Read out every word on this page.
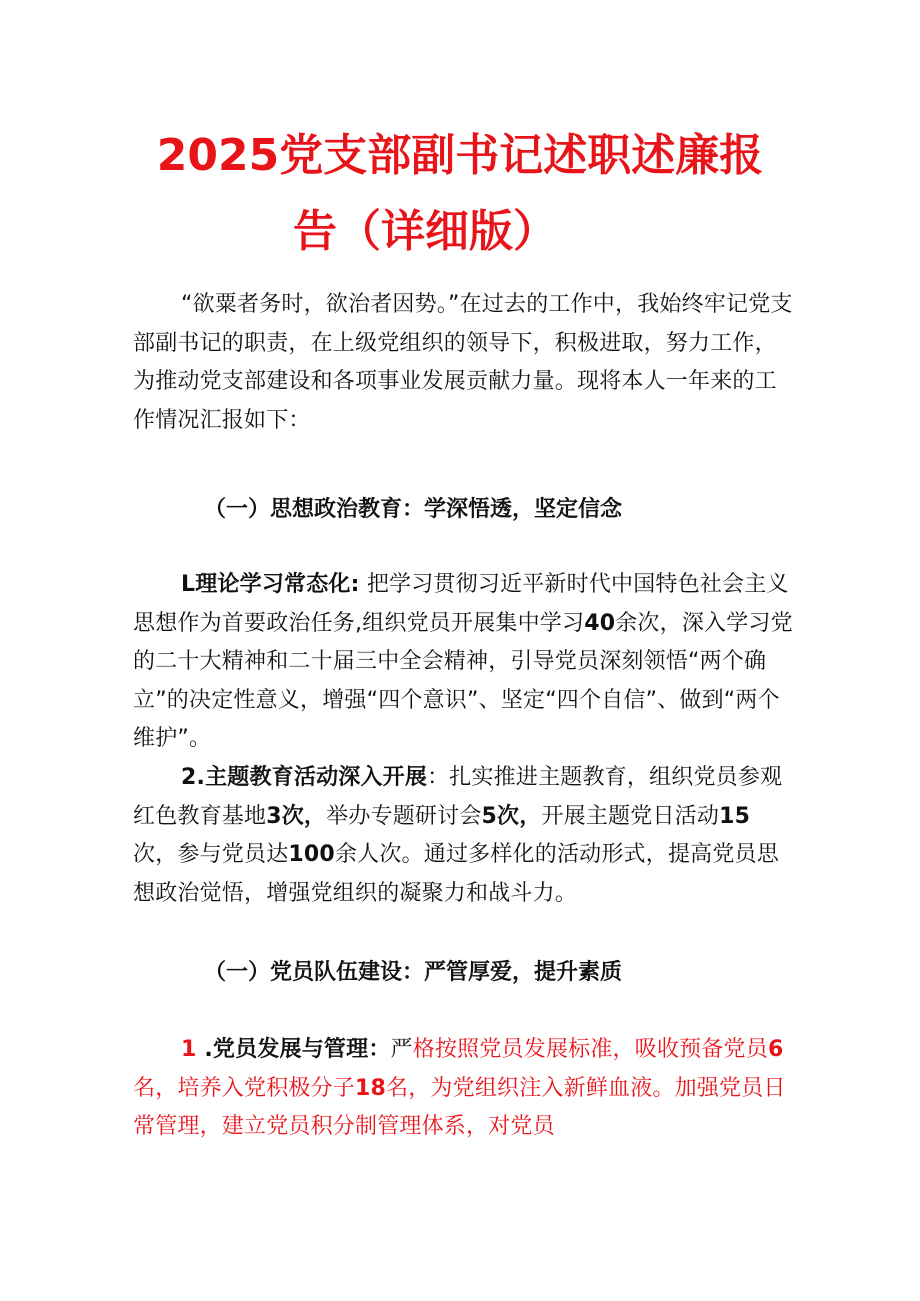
2025党支部副书记述职述廉报
告（详细版）

“欲粟者务时，欲治者因势。”在过去的工作中，我始终牢记党支部副书记的职责，在上级党组织的领导下，积极进取，努力工作，为推动党支部建设和各项事业发展贡献力量。现将本人一年来的工作情况汇报如下：

（一）思想政治教育：学深悟透，坚定信念

L理论学习常态化: 把学习贯彻习近平新时代中国特色社会主义思想作为首要政治任务,组织党员开展集中学习40余次，深入学习党的二十大精神和二十届三中全会精神，引导党员深刻领悟“两个确立”的决定性意义，增强“四个意识”、坚定“四个自信”、做到“两个维护”。

2.主题教育活动深入开展：扎实推进主题教育，组织党员参观红色教育基地3次，举办专题研讨会5次，开展主题党日活动15次，参与党员达100余人次。通过多样化的活动形式，提高党员思想政治觉悟，增强党组织的凝聚力和战斗力。

（一）党员队伍建设：严管厚爱，提升素质

1 .党员发展与管理：严格按照党员发展标准，吸收预备党员6名，培养入党积极分子18名，为党组织注入新鲜血液。加强党员日常管理，建立党员积分制管理体系，对党员
